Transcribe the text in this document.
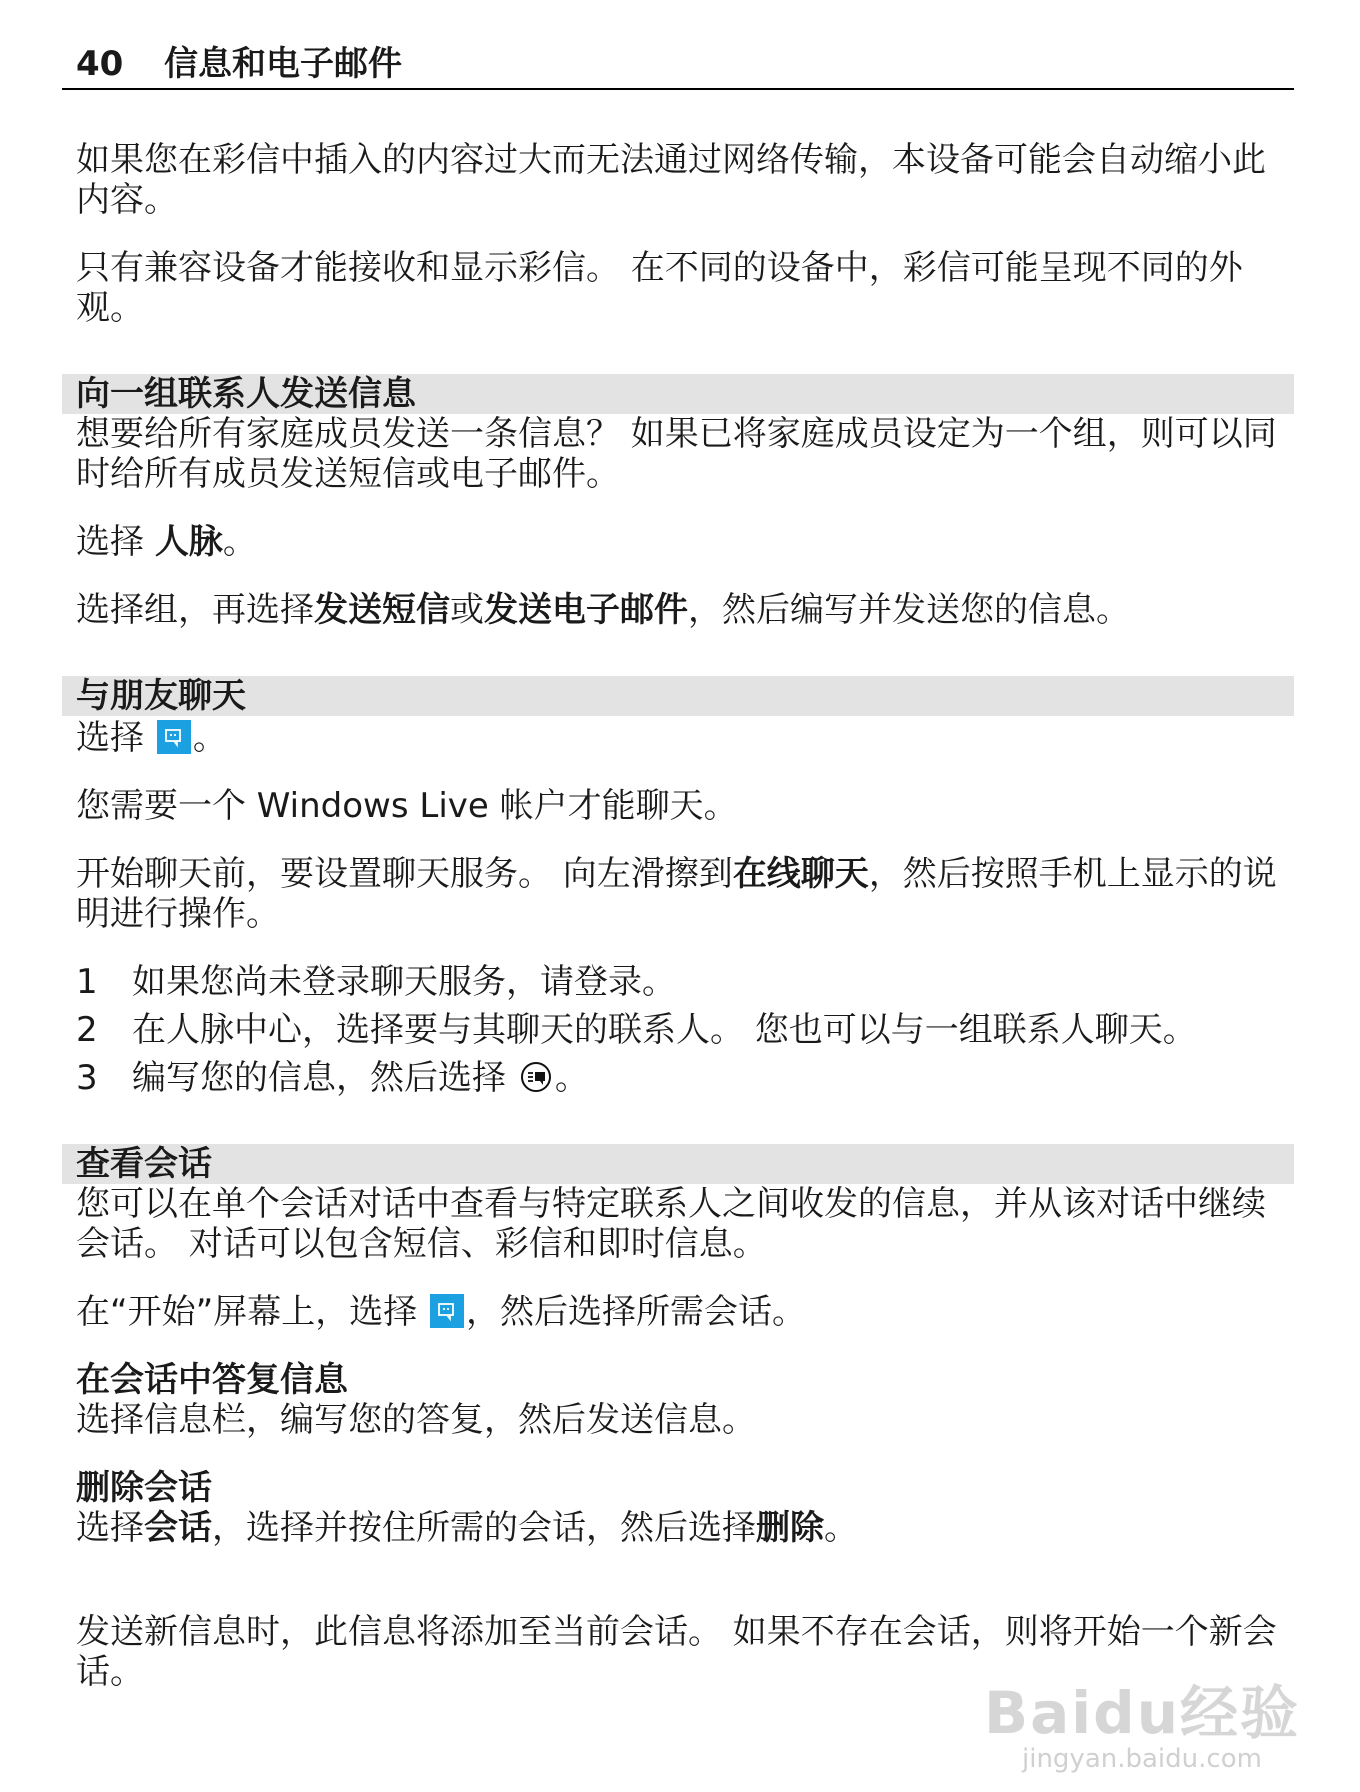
40	信息和电子邮件

如果您在彩信中插入的内容过大而无法通过网络传输，本设备可能会自动缩小此内容。

只有兼容设备才能接收和显示彩信。 在不同的设备中，彩信可能呈现不同的外观。

向一组联系人发送信息

想要给所有家庭成员发送一条信息？ 如果已将家庭成员设定为一个组，则可以同时给所有成员发送短信或电子邮件。

选择 人脉。

选择组，再选择发送短信或发送电子邮件，然后编写并发送您的信息。

与朋友聊天

选择 。

您需要一个 Windows Live 帐户才能聊天。

开始聊天前，要设置聊天服务。 向左滑擦到在线聊天，然后按照手机上显示的说明进行操作。

1	如果您尚未登录聊天服务，请登录。
2	在人脉中心，选择要与其聊天的联系人。 您也可以与一组联系人聊天。
3	编写您的信息，然后选择 。
查看会话

您可以在单个会话对话中查看与特定联系人之间收发的信息，并从该对话中继续会话。 对话可以包含短信、彩信和即时信息。

在“开始”屏幕上，选择 ，然后选择所需会话。

在会话中答复信息

选择信息栏，编写您的答复，然后发送信息。

删除会话

选择会话，选择并按住所需的会话，然后选择删除。

发送新信息时，此信息将添加至当前会话。 如果不存在会话，则将开始一个新会话。

Baidu经验
jingyan.baidu.com
